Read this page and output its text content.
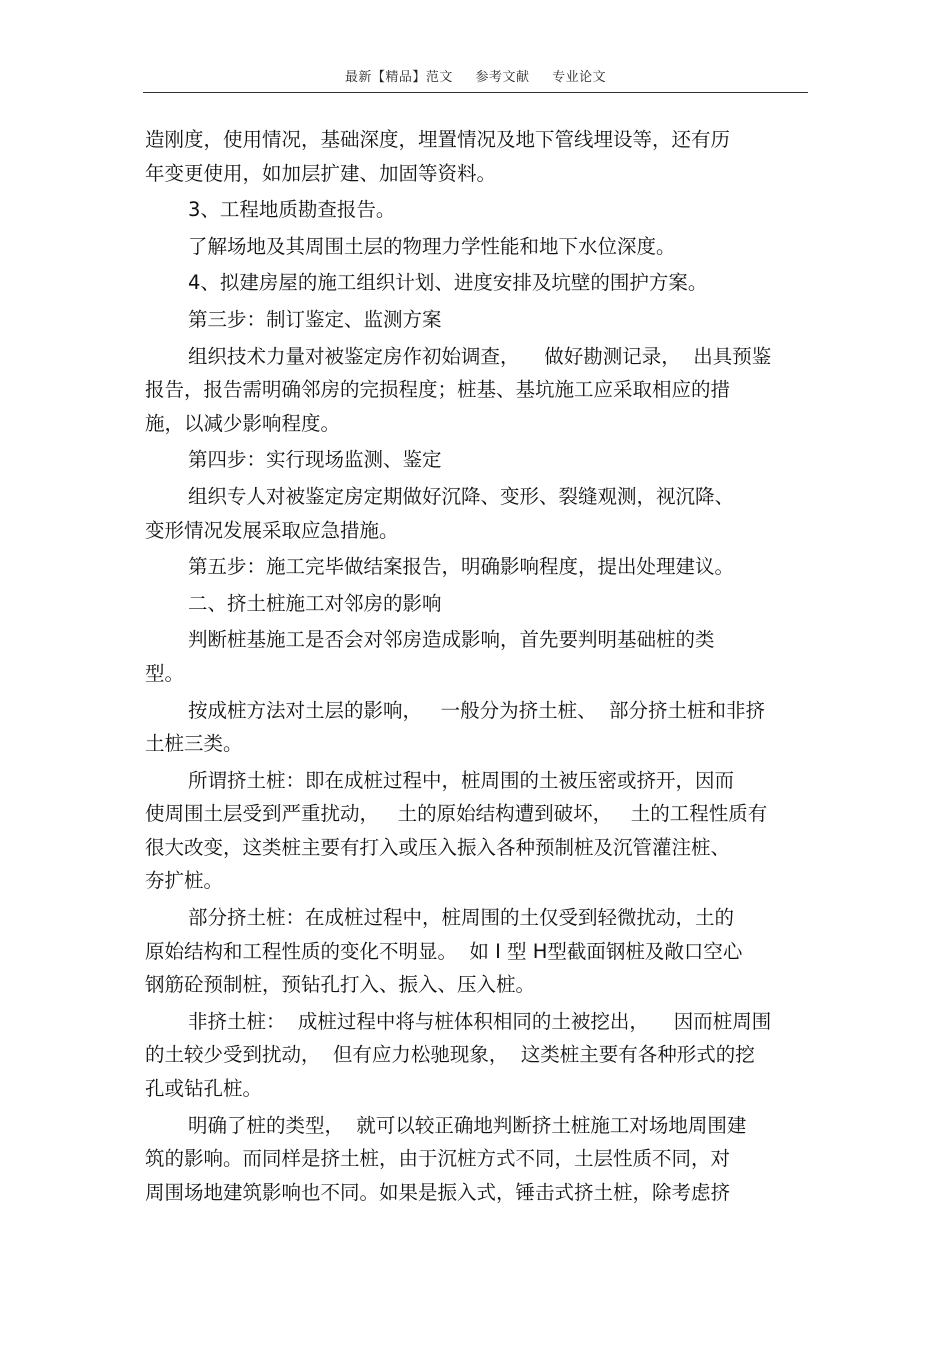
最新【精品】范文 参考文献 专业论文

造刚度，使用情况，基础深度，埋置情况及地下管线埋设等，还有历
年变更使用，如加层扩建、加固等资料。

3、工程地质勘查报告。

了解场地及其周围土层的物理力学性能和地下水位深度。

4、拟建房屋的施工组织计划、进度安排及坑壁的围护方案。

第三步：制订鉴定、监测方案

组织技术力量对被鉴定房作初始调查，    做好勘测记录，  出具预鉴
报告，报告需明确邻房的完损程度；桩基、基坑施工应采取相应的措
施，以减少影响程度。

第四步：实行现场监测、鉴定

组织专人对被鉴定房定期做好沉降、变形、裂缝观测，视沉降、
变形情况发展采取应急措施。

第五步：施工完毕做结案报告，明确影响程度，提出处理建议。

二、挤土桩施工对邻房的影响

判断桩基施工是否会对邻房造成影响，首先要判明基础桩的类
型。

按成桩方法对土层的影响，   一般分为挤土桩、  部分挤土桩和非挤
土桩三类。

所谓挤土桩：即在成桩过程中，桩周围的土被压密或挤开，因而
使周围土层受到严重扰动，   土的原始结构遭到破坏，   土的工程性质有
很大改变，这类桩主要有打入或压入振入各种预制桩及沉管灌注桩、
夯扩桩。

部分挤土桩：在成桩过程中，桩周围的土仅受到轻微扰动，土的
原始结构和工程性质的变化不明显。  如 I 型 H型截面钢桩及敞口空心
钢筋砼预制桩，预钻孔打入、振入、压入桩。

非挤土桩：  成桩过程中将与桩体积相同的土被挖出，    因而桩周围
的土较少受到扰动，  但有应力松驰现象，  这类桩主要有各种形式的挖
孔或钻孔桩。

明确了桩的类型，  就可以较正确地判断挤土桩施工对场地周围建
筑的影响。而同样是挤土桩，由于沉桩方式不同，土层性质不同，对
周围场地建筑影响也不同。如果是振入式，锤击式挤土桩，除考虑挤
